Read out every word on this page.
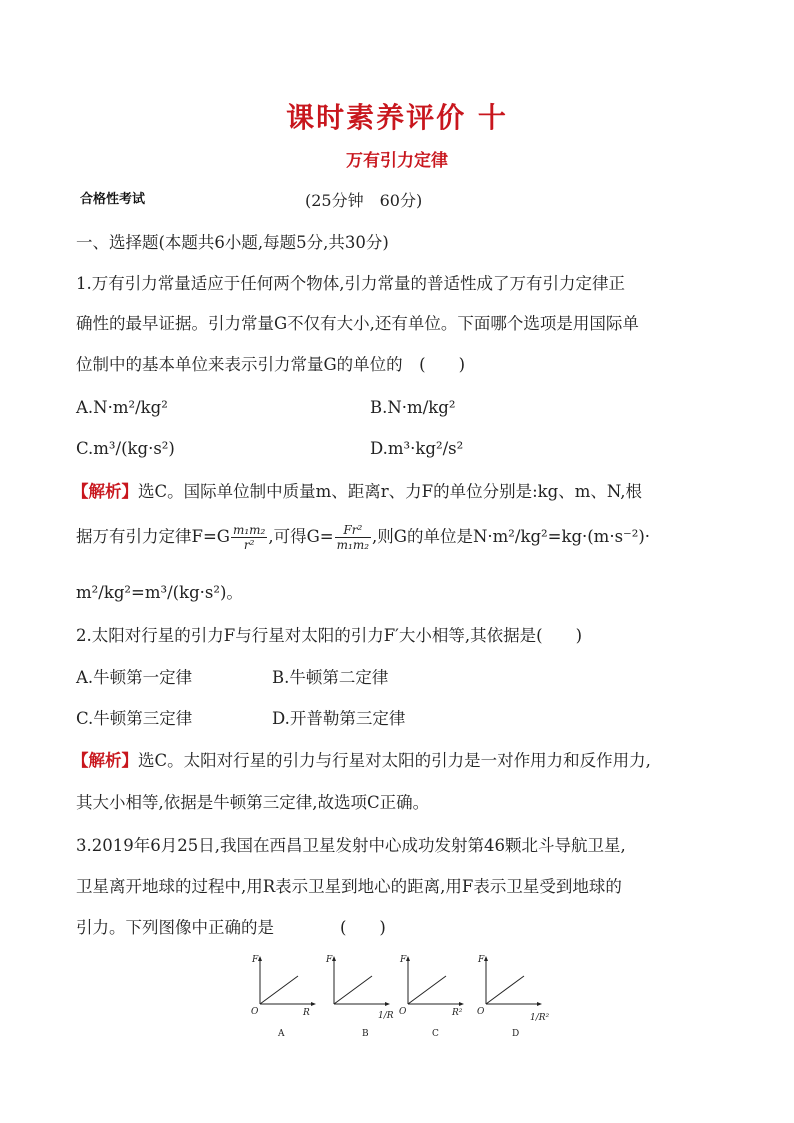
课时素养评价 十
万有引力定律
合格性考试	(25分钟　60分)
一、选择题(本题共6小题,每题5分,共30分)
1.万有引力常量适应于任何两个物体,引力常量的普适性成了万有引力定律正
确性的最早证据。引力常量G不仅有大小,还有单位。下面哪个选项是用国际单
位制中的基本单位来表示引力常量G的单位的　(　　)
A.N·m²/kg²	B.N·m/kg²
C.m³/(kg·s²)	D.m³·kg²/s²
【解析】选C。国际单位制中质量m、距离r、力F的单位分别是:kg、m、N,根
据万有引力定律$F=G \frac{\text{m₁m₂}}{\text{r²}}$ ,可得$G= \frac{\text{Fr²}}{\text{m₁m₂}}$ ,则G的单位是N·m²/kg²=kg·(m·s⁻²)·
m²/kg²=m³/(kg·s²)。
2.太阳对行星的引力F与行星对太阳的引力F′大小相等,其依据是(　　)
A.牛顿第一定律	B.牛顿第二定律
C.牛顿第三定律	D.开普勒第三定律
【解析】选C。太阳对行星的引力与行星对太阳的引力是一对作用力和反作用力,
其大小相等,依据是牛顿第三定律,故选项C正确。
3.2019年6月25日,我国在西昌卫星发射中心成功发射第46颗北斗导航卫星,
卫星离开地球的过程中,用R表示卫星到地心的距离,用F表示卫星受到地球的
引力。下列图像中正确的是　　　　(　　)
F
O	R
A
F
1/R
B
F
O	R²
C
F
O
1/R²
D
